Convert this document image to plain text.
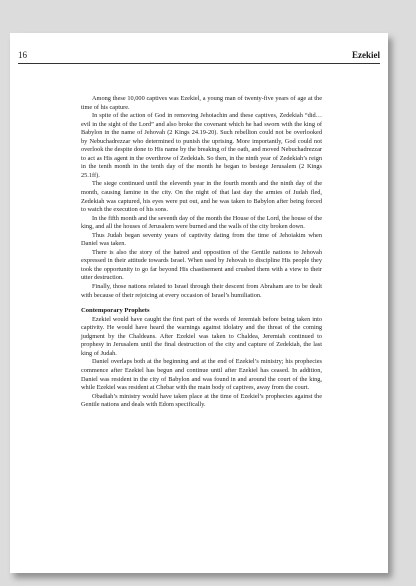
16	Ezekiel

Among these 10,000 captives was Ezekiel, a young man of twenty-five years of age at the time of his capture.

In spite of the action of God in removing Jehoiachin and these captives, Zedekiah “did…evil in the sight of the Lord” and also broke the covenant which he had sworn with the king of Babylon in the name of Jehovah (2 Kings 24.19-20). Such rebellion could not be overlooked by Nebuchadrezzar who determined to punish the uprising. More importantly, God could not overlook the despite done to His name by the breaking of the oath, and moved Nebuchadrezzar to act as His agent in the overthrow of Zedekiah. So then, in the ninth year of Zedekiah’s reign in the tenth month in the tenth day of the month he began to besiege Jerusalem (2 Kings 25.1ff).

The siege continued until the eleventh year in the fourth month and the ninth day of the month, causing famine in the city. On the night of that last day the armies of Judah fled, Zedekiah was captured, his eyes were put out, and he was taken to Babylon after being forced to watch the execution of his sons.

In the fifth month and the seventh day of the month the House of the Lord, the house of the king, and all the houses of Jerusalem were burned and the walls of the city broken down.

Thus Judah began seventy years of captivity dating from the time of Jehoiakim when Daniel was taken.

There is also the story of the hatred and opposition of the Gentile nations to Jehovah expressed in their attitude towards Israel. When used by Jehovah to discipline His people they took the opportunity to go far beyond His chastisement and crushed them with a view to their utter destruction.

Finally, those nations related to Israel through their descent from Abraham are to be dealt with because of their rejoicing at every occasion of Israel’s humiliation.

Contemporary Prophets

Ezekiel would have caught the first part of the words of Jeremiah before being taken into captivity. He would have heard the warnings against idolatry and the threat of the coming judgment by the Chaldeans. After Ezekiel was taken to Chaldea, Jeremiah continued to prophesy in Jerusalem until the final destruction of the city and capture of Zedekiah, the last king of Judah.

Daniel overlaps both at the beginning and at the end of Ezekiel’s ministry; his prophecies commence after Ezekiel has begun and continue until after Ezekiel has ceased. In addition, Daniel was resident in the city of Babylon and was found in and around the court of the king, while Ezekiel was resident at Chebar with the main body of captives, away from the court.

Obadiah’s ministry would have taken place at the time of Ezekiel’s prophecies against the Gentile nations and deals with Edom specifically.
